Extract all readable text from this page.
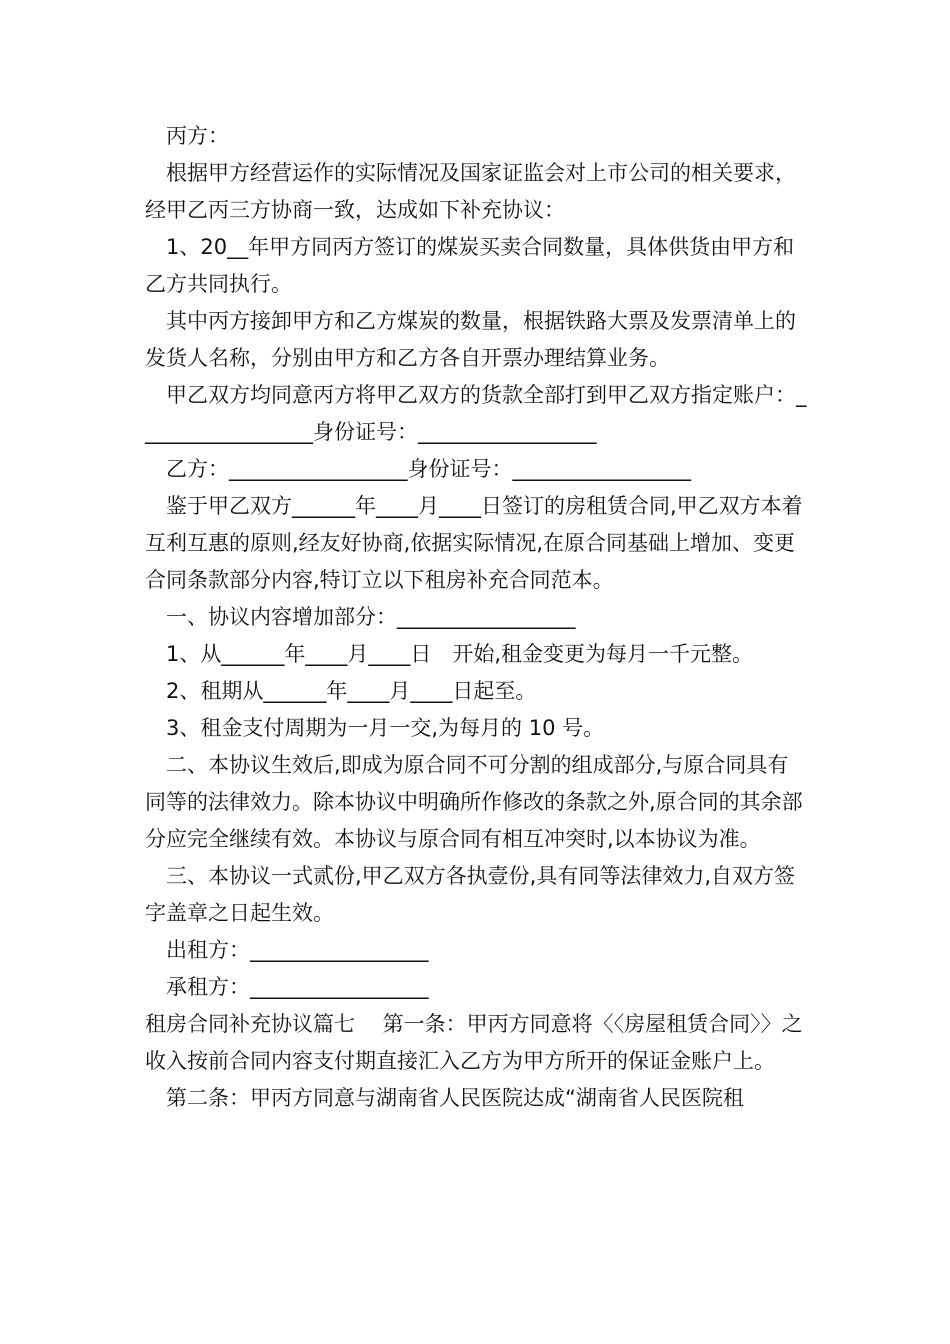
丙方：

根据甲方经营运作的实际情况及国家证监会对上市公司的相关要求，经甲乙丙三方协商一致，达成如下补充协议：

1、20__年甲方同丙方签订的煤炭买卖合同数量，具体供货由甲方和乙方共同执行。

其中丙方接卸甲方和乙方煤炭的数量，根据铁路大票及发票清单上的发货人名称，分别由甲方和乙方各自开票办理结算业务。

甲乙双方均同意丙方将甲乙双方的货款全部打到甲乙双方指定账户：_________________身份证号：_________________

乙方：_________________身份证号：_________________

鉴于甲乙双方______年____月____日签订的房租赁合同,甲乙双方本着互利互惠的原则,经友好协商,依据实际情况,在原合同基础上增加、变更合同条款部分内容,特订立以下租房补充合同范本。

一、协议内容增加部分：_________________

1、从______年____月____日　开始,租金变更为每月一千元整。

2、租期从______年____月____日起至。

3、租金支付周期为一月一交,为每月的 10 号。

二、本协议生效后,即成为原合同不可分割的组成部分,与原合同具有同等的法律效力。除本协议中明确所作修改的条款之外,原合同的其余部分应完全继续有效。本协议与原合同有相互冲突时,以本协议为准。

三、本协议一式贰份,甲乙双方各执壹份,具有同等法律效力,自双方签字盖章之日起生效。

出租方：_________________

承租方：_________________

租房合同补充协议篇七　 第一条：甲丙方同意将〈〈房屋租赁合同〉〉之收入按前合同内容支付期直接汇入乙方为甲方所开的保证金账户上。

第二条：甲丙方同意与湖南省人民医院达成“湖南省人民医院租
